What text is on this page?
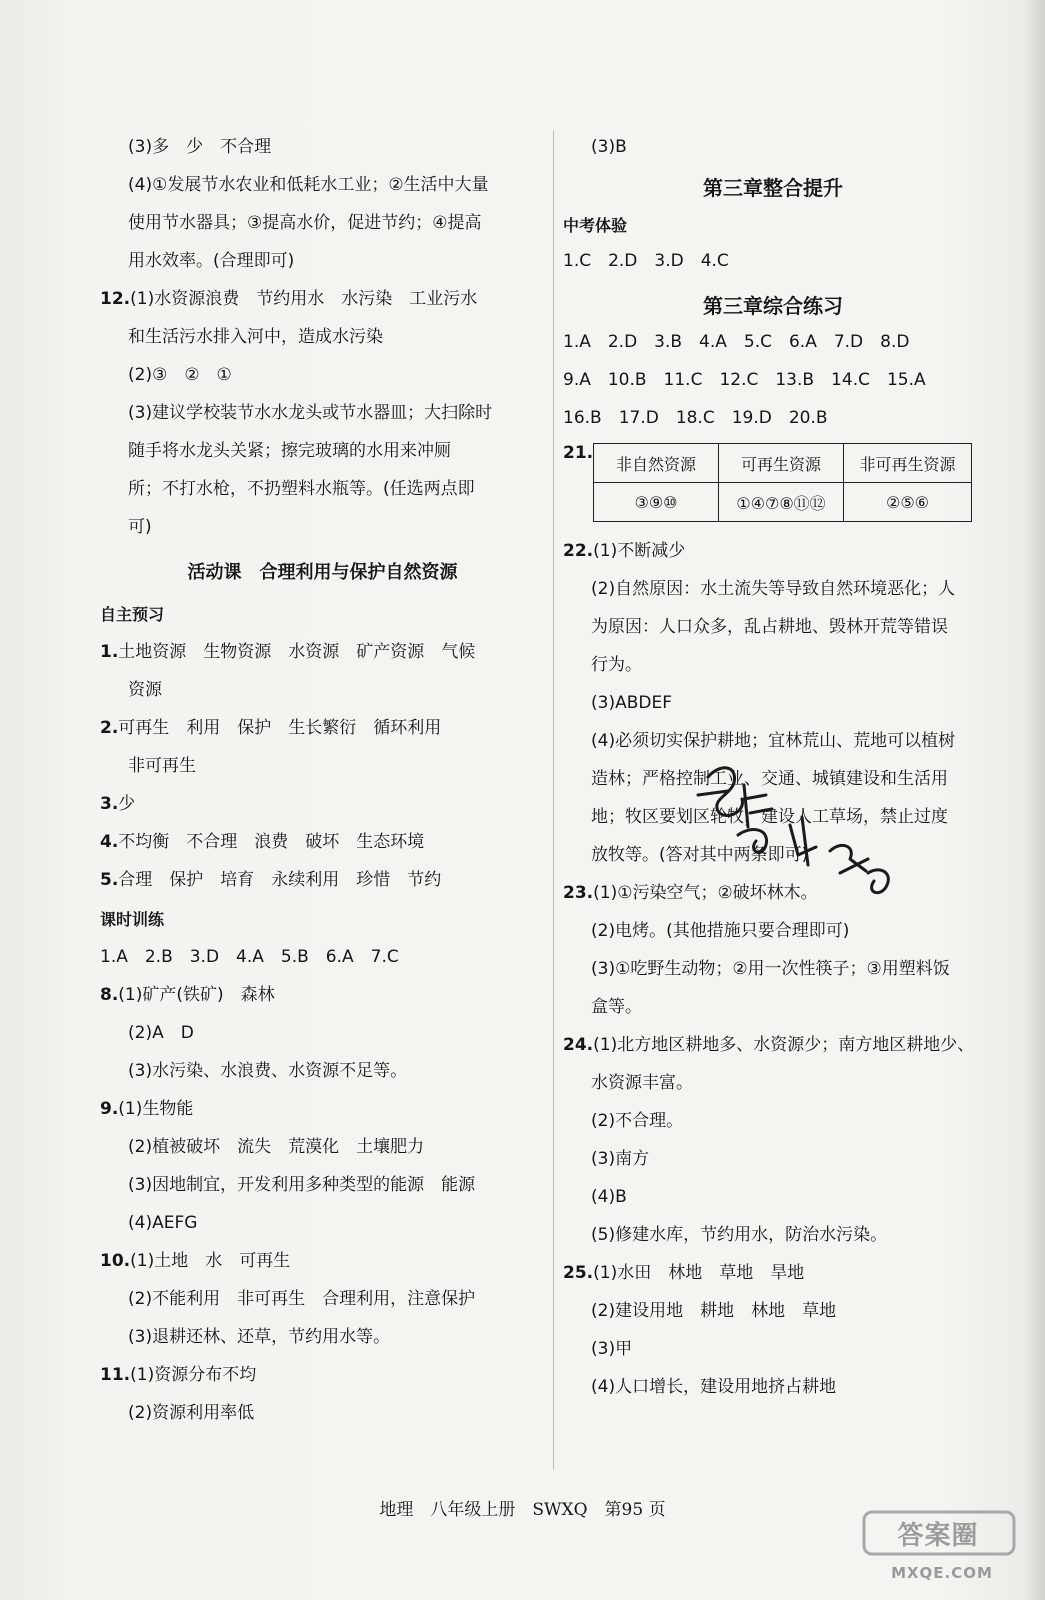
(3)多　少　不合理
(4)①发展节水农业和低耗水工业；②生活中大量
使用节水器具；③提高水价，促进节约；④提高
用水效率。(合理即可)
12.(1)水资源浪费　节约用水　水污染　工业污水
和生活污水排入河中，造成水污染
(2)③　②　①
(3)建议学校装节水水龙头或节水器皿；大扫除时
随手将水龙头关紧；擦完玻璃的水用来冲厕
所；不打水枪，不扔塑料水瓶等。(任选两点即
可)
活动课　合理利用与保护自然资源
自主预习
1.土地资源　生物资源　水资源　矿产资源　气候
资源
2.可再生　利用　保护　生长繁衍　循环利用
非可再生
3.少
4.不均衡　不合理　浪费　破坏　生态环境
5.合理　保护　培育　永续利用　珍惜　节约
课时训练
1.A　2.B　3.D　4.A　5.B　6.A　7.C
8.(1)矿产(铁矿)　森林
(2)A　D
(3)水污染、水浪费、水资源不足等。
9.(1)生物能
(2)植被破坏　流失　荒漠化　土壤肥力
(3)因地制宜，开发利用多种类型的能源　能源
(4)AEFG
10.(1)土地　水　可再生
(2)不能利用　非可再生　合理利用，注意保护
(3)退耕还林、还草，节约用水等。
11.(1)资源分布不均
(2)资源利用率低
(3)B
第三章整合提升
中考体验
1.C　2.D　3.D　4.C
第三章综合练习
1.A　2.D　3.B　4.A　5.C　6.A　7.D　8.D
9.A　10.B　11.C　12.C　13.B　14.C　15.A
16.B　17.D　18.C　19.D　20.B
21.
非自然资源	可再生资源	非可再生资源
③⑨⑩	①④⑦⑧⑪⑫	②⑤⑥
22.(1)不断减少
(2)自然原因：水土流失等导致自然环境恶化；人
为原因：人口众多，乱占耕地、毁林开荒等错误
行为。
(3)ABDEF
(4)必须切实保护耕地；宜林荒山、荒地可以植树
造林；严格控制工业、交通、城镇建设和生活用
地；牧区要划区轮牧，建设人工草场，禁止过度
放牧等。(答对其中两条即可)
23.(1)①污染空气；②破坏林木。
(2)电烤。(其他措施只要合理即可)
(3)①吃野生动物；②用一次性筷子；③用塑料饭
盒等。
24.(1)北方地区耕地多、水资源少；南方地区耕地少、
水资源丰富。
(2)不合理。
(3)南方
(4)B
(5)修建水库，节约用水，防治水污染。
25.(1)水田　林地　草地　旱地
(2)建设用地　耕地　林地　草地
(3)甲
(4)人口增长，建设用地挤占耕地
地理　八年级上册　SWXQ　第95 页
答案圈
MXQE.COM
